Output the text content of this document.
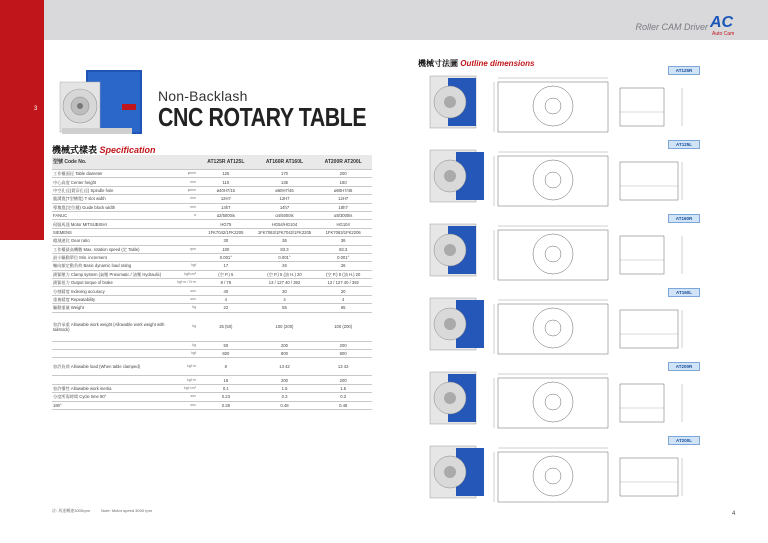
Roller CAM Driver AC
Auto Cam
3
Non-Backlash
CNC ROTARY TABLE
機械式樣表 Specification
型號 Code No.		AT125R AT125L	AT160R AT160L	AT200R AT200L
工作檯面徑 Table diameter	φmm	125	170	200
中心高度 Center height	mm	110	135	160
中空孔徑(貫穿孔徑) Spindle hole	φmm	ø40H7/15	ø60H7/45	ø60H7/45
龍溝寬(T型槽寬) T slot width	mm	12H7	12H7	12H7
導塊寬(定位鍵) Guide block width	mm	14h7	14h7	18h7
FANUC	α	α2/5000is	α4/5000is	α8/3000is
伺服馬達 Motor MITSUBISHI		HG75	HG54/HG104	HG104
SIEMENS		1FK7042/1FK2205	1FK7063/1FK7042/1FK2205	1FK7063/1FK2206
總減速比 Gear ratio		30	36	36
工作檯最高轉數 Max. rotation speed (定 Table)	rpm	100	83.3	83.3
最小驅動單位 Min. increment		0.001°	0.001°	0.001°
軸向額定動負荷 Basic dynamic load rating	kgf	17	26	26
鎖緊壓力 Clamp system (氣壓 Pneumatic / 油壓 Hydraulic)	kgf/cm²	(空 P.) 5	(空 P.) 5 (油 H.) 20	(空 P.) 5 (油 H.) 20
鎖緊扭力 Output torque of brake	kgf·m / N·m	8 / 78	13 / 127 40 / 392	13 / 127 40 / 392
分割精度 Indexing accuracy	sec	40	30	20
重複精度 Repeatability	sec	4	4	4
驅動重量 Weight	kg	22	55	65
容許承重 Allowable work weight (Allowable work weight with tailstock)	kg	25 (50)	100 (200)	100 (200)
	kg	50	200	200
	kgf	600	800	800
容許負荷 Allowable load (When table clamped)	kgf·m	8	13 42	13 42
	kgf·m	16	200	200
容許慣性 Allowable work inertia	kgf·cm²	0.1	1.5	1.5
分度所需時間 Cycle time 90°	sec	0.23	0.3	0.3
180°	sec	0.38	0.48	0.48
註: 馬達轉速3000rpm	Note: Motor speed 3000 rpm
機械寸法圖 Outline dimensions
AT125R
AT125L
AT160R
AT160L
AT200R
AT200L
4
